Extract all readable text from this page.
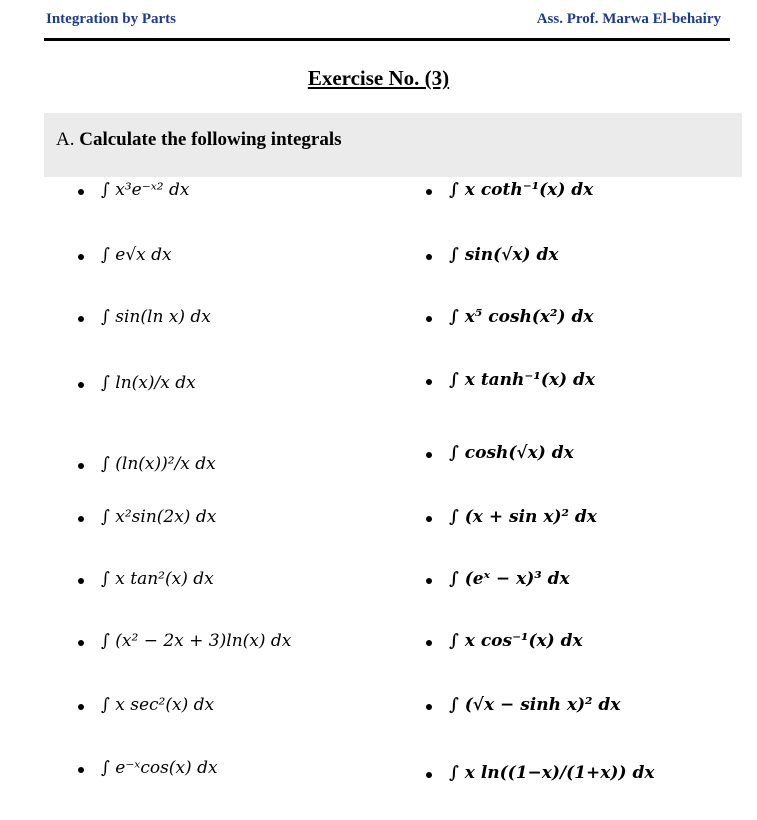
Integration by Parts	Ass. Prof. Marwa El-behairy
Exercise No. (3)
A. Calculate the following integrals
∫ x³e⁻ˣ² dx
∫ e√x dx
∫ sin(ln x) dx
∫ ln(x)/x dx
∫ (ln(x))²/x dx
∫ x²sin(2x) dx
∫ x tan²(x) dx
∫ (x² − 2x + 3)ln(x) dx
∫ x sec²(x) dx
∫ e⁻ˣcos(x) dx
∫ x coth⁻¹(x) dx
∫ sin(√x) dx
∫ x⁵ cosh(x²) dx
∫ x tanh⁻¹(x) dx
∫ cosh(√x) dx
∫ (x + sin x)² dx
∫ (eˣ − x)³ dx
∫ x cos⁻¹(x) dx
∫ (√x − sinh x)² dx
∫ x ln((1−x)/(1+x)) dx
